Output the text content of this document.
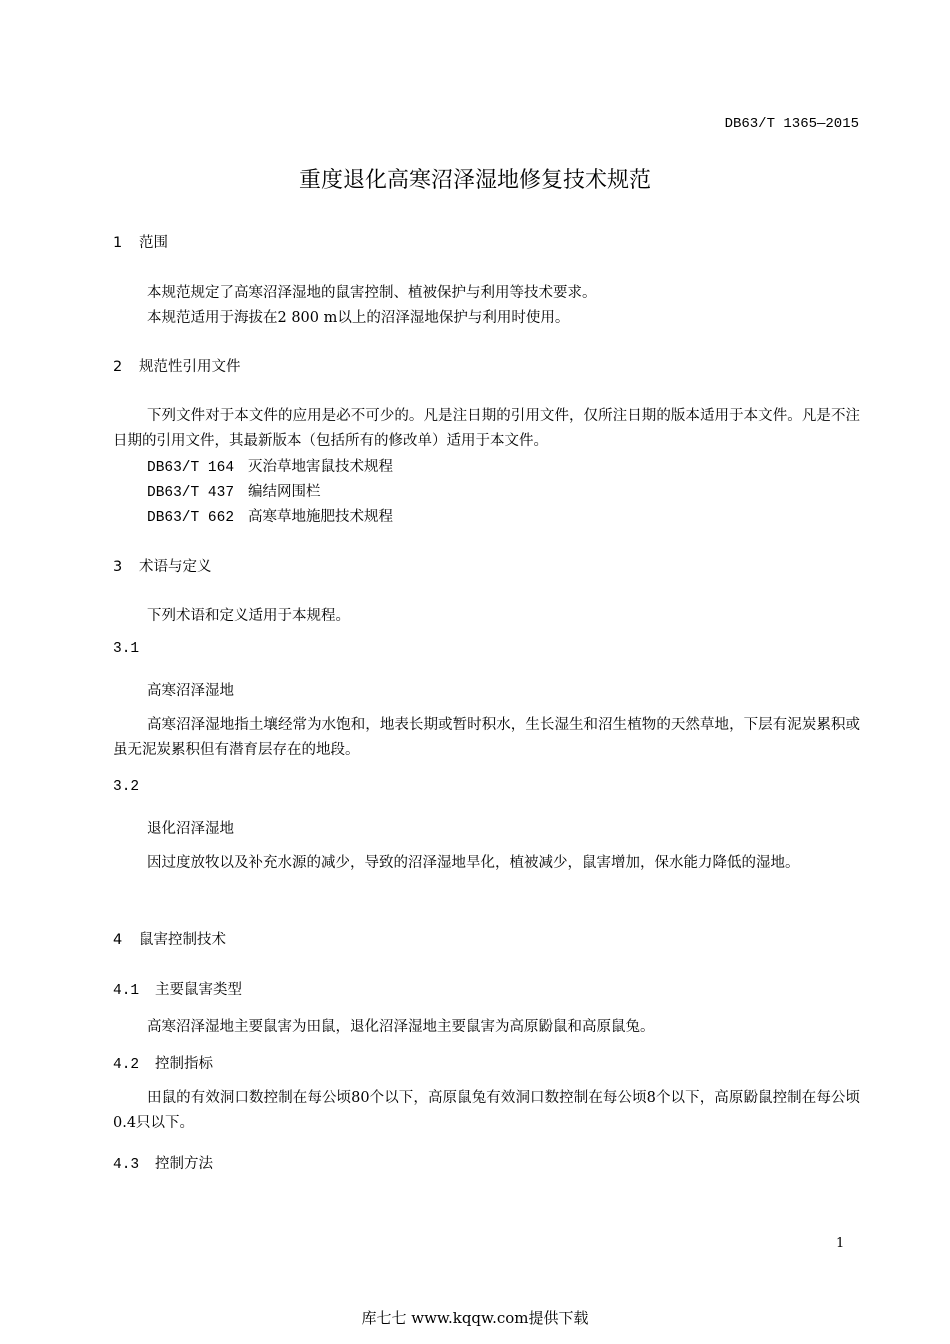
DB63/T 1365—2015
重度退化高寒沼泽湿地修复技术规范
1 范围
本规范规定了高寒沼泽湿地的鼠害控制、植被保护与利用等技术要求。
本规范适用于海拔在2 800 m以上的沼泽湿地保护与利用时使用。
2 规范性引用文件
下列文件对于本文件的应用是必不可少的。凡是注日期的引用文件，仅所注日期的版本适用于本文件。凡是不注日期的引用文件，其最新版本（包括所有的修改单）适用于本文件。
DB63/T 164 灭治草地害鼠技术规程
DB63/T 437 编结网围栏
DB63/T 662 高寒草地施肥技术规程
3 术语与定义
下列术语和定义适用于本规程。
3.1
高寒沼泽湿地
高寒沼泽湿地指土壤经常为水饱和，地表长期或暂时积水，生长湿生和沼生植物的天然草地，下层有泥炭累积或虽无泥炭累积但有潜育层存在的地段。
3.2
退化沼泽湿地
因过度放牧以及补充水源的减少，导致的沼泽湿地旱化，植被减少，鼠害增加，保水能力降低的湿地。
4 鼠害控制技术
4.1 主要鼠害类型
高寒沼泽湿地主要鼠害为田鼠，退化沼泽湿地主要鼠害为高原鼢鼠和高原鼠兔。
4.2 控制指标
田鼠的有效洞口数控制在每公顷80个以下，高原鼠兔有效洞口数控制在每公顷8个以下，高原鼢鼠控制在每公顷0.4只以下。
4.3 控制方法
1
库七七 www.kqqw.com提供下载
